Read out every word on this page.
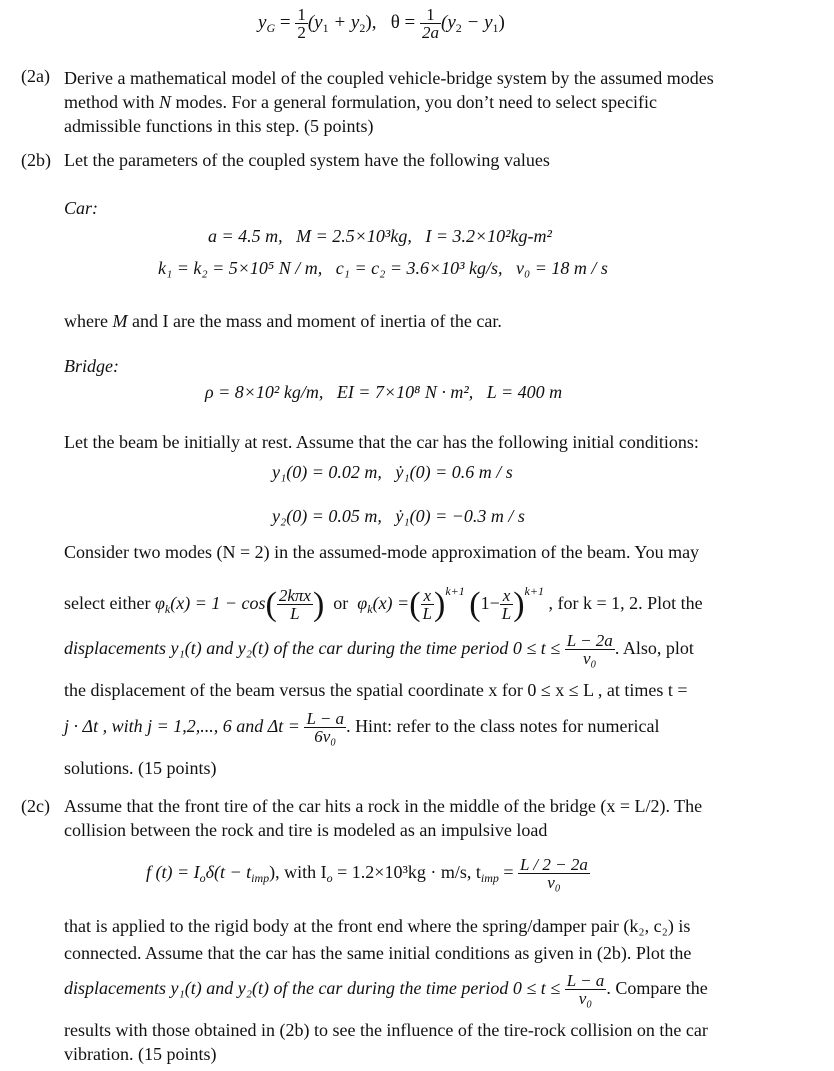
$y_G = \frac{1}{2} (y_1 + y_2)$, $\theta = \frac{1}{2a} (y_2 - y_1)$
(2a) Derive a mathematical model of the coupled vehicle-bridge system by the assumed modes
method with N modes. For a general formulation, you don’t need to select specific
admissible functions in this step. (5 points)
(2b) Let the parameters of the coupled system have the following values
Car:
a = 4.5 m,   M = 2.5×10³kg,   I = 3.2×10²kg-m²
k₁ = k₂ = 5×10⁵ N / m,   c₁ = c₂ = 3.6×10³ kg/s,   v₀ = 18 m / s
where M and I are the mass and moment of inertia of the car.
Bridge:
ρ = 8×10² kg/m,   EI = 7×10⁸ N · m²,   L = 400 m
Let the beam be initially at rest. Assume that the car has the following initial conditions:
y₁(0) = 0.02 m,   ẏ₁(0) = 0.6 m / s
y₂(0) = 0.05 m,   ẏ₁(0) = −0.3 m / s
Consider two modes (N = 2) in the assumed-mode approximation of the beam. You may
select either $\varphi_k(x) = 1 - \cos( \frac{\text{2kπx}}{L}$ ) or $\varphi_k(x)$ =( $\frac{x}{L} )^{k+1}$ $(1- \frac{x}{L} )^{k+1}$ , for k = 1, 2. Plot the
displacements y₁(t) and y₂(t) of the car during the time period $0 \le t \le \frac{L - 2a}{\text{v₀}}$ . Also, plot
the displacement of the beam versus the spatial coordinate x for 0 ≤ x ≤ L , at times t =
j · Δt , with j = 1,2,..., 6 and $\Delta t = \frac{L - a}{\text{6v₀}}$ . Hint: refer to the class notes for numerical
solutions. (15 points)
(2c) Assume that the front tire of the car hits a rock in the middle of the bridge (x = L/2). The
collision between the rock and tire is modeled as an impulsive load
f $(t) = I_o\delta(t - t_{imp})$, with $I_o = 1.2\times 10^3kg \cdot m/s$, $t_{imp} = \frac{L / 2 - 2a}{\text{v₀}}$
that is applied to the rigid body at the front end where the spring/damper pair (k₂, c₂) is
connected. Assume that the car has the same initial conditions as given in (2b). Plot the
displacements y₁(t) and y₂(t) of the car during the time period $0 \le t \le \frac{L - a}{\text{v₀}}$ . Compare the
results with those obtained in (2b) to see the influence of the tire-rock collision on the car
vibration. (15 points)
